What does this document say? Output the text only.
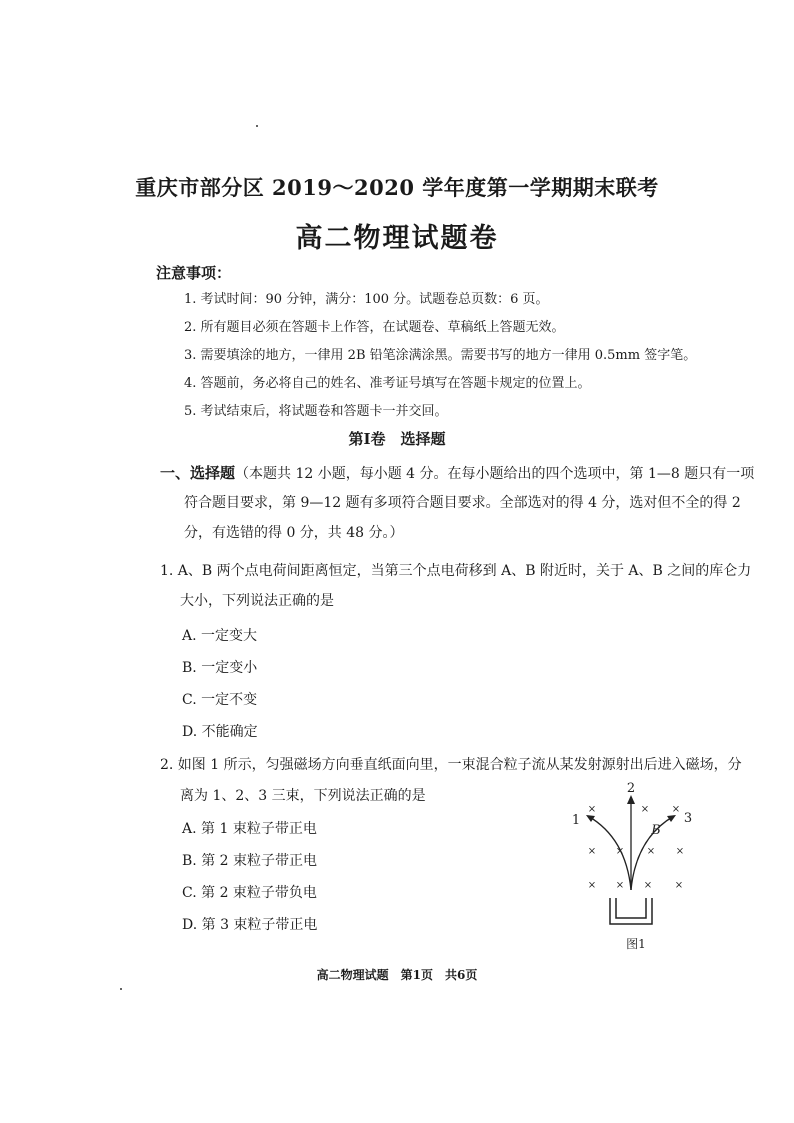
重庆市部分区 2019～2020 学年度第一学期期末联考
高二物理试题卷
注意事项：
1. 考试时间：90 分钟，满分：100 分。试题卷总页数：6 页。
2. 所有题目必须在答题卡上作答，在试题卷、草稿纸上答题无效。
3. 需要填涂的地方，一律用 2B 铅笔涂满涂黑。需要书写的地方一律用 0.5mm 签字笔。
4. 答题前，务必将自己的姓名、准考证号填写在答题卡规定的位置上。
5. 考试结束后，将试题卷和答题卡一并交回。
第Ⅰ卷　选择题
一、选择题（本题共 12 小题，每小题 4 分。在每小题给出的四个选项中，第 1—8 题只有一项
符合题目要求，第 9—12 题有多项符合题目要求。全部选对的得 4 分，选对但不全的得 2
分，有选错的得 0 分，共 48 分。）
1. A、B 两个点电荷间距离恒定，当第三个点电荷移到 A、B 附近时，关于 A、B 之间的库仑力
大小，下列说法正确的是
A. 一定变大
B. 一定变小
C. 一定不变
D. 不能确定
2. 如图 1 所示，匀强磁场方向垂直纸面向里，一束混合粒子流从某发射源射出后进入磁场，分
离为 1、2、3 三束，下列说法正确的是
A. 第 1 束粒子带正电
B. 第 2 束粒子带正电
C. 第 2 束粒子带负电
D. 第 3 束粒子带正电
×	× ×
× × × ×
× × × ×
1
2
3
B
图1
高二物理试题　第1页　共6页
